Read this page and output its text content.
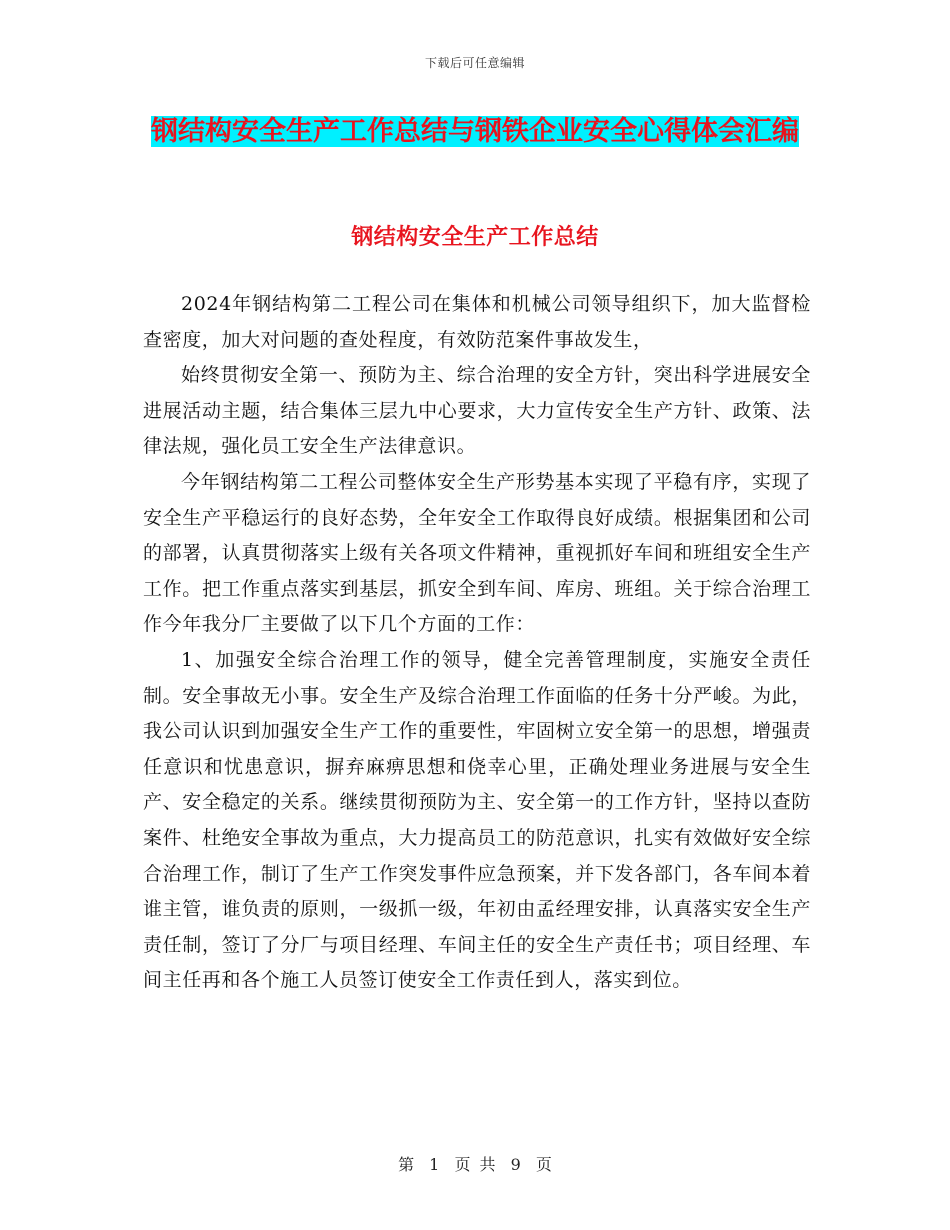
下载后可任意编辑
钢结构安全生产工作总结与钢铁企业安全心得体会汇编
钢结构安全生产工作总结

2024年钢结构第二工程公司在集体和机械公司领导组织下，加大监督检查密度，加大对问题的查处程度，有效防范案件事故发生，

始终贯彻安全第一、预防为主、综合治理的安全方针，突出科学进展安全进展活动主题，结合集体三层九中心要求，大力宣传安全生产方针、政策、法律法规，强化员工安全生产法律意识。

今年钢结构第二工程公司整体安全生产形势基本实现了平稳有序，实现了安全生产平稳运行的良好态势，全年安全工作取得良好成绩。根据集团和公司的部署，认真贯彻落实上级有关各项文件精神，重视抓好车间和班组安全生产工作。把工作重点落实到基层，抓安全到车间、库房、班组。关于综合治理工作今年我分厂主要做了以下几个方面的工作：

1、加强安全综合治理工作的领导，健全完善管理制度，实施安全责任制。安全事故无小事。安全生产及综合治理工作面临的任务十分严峻。为此，我公司认识到加强安全生产工作的重要性，牢固树立安全第一的思想，增强责任意识和忧患意识，摒弃麻痹思想和侥幸心里，正确处理业务进展与安全生产、安全稳定的关系。继续贯彻预防为主、安全第一的工作方针，坚持以查防案件、杜绝安全事故为重点，大力提高员工的防范意识，扎实有效做好安全综合治理工作，制订了生产工作突发事件应急预案，并下发各部门，各车间本着谁主管，谁负责的原则，一级抓一级，年初由孟经理安排，认真落实安全生产责任制，签订了分厂与项目经理、车间主任的安全生产责任书；项目经理、车间主任再和各个施工人员签订使安全工作责任到人，落实到位。

第 1 页 共 9 页
